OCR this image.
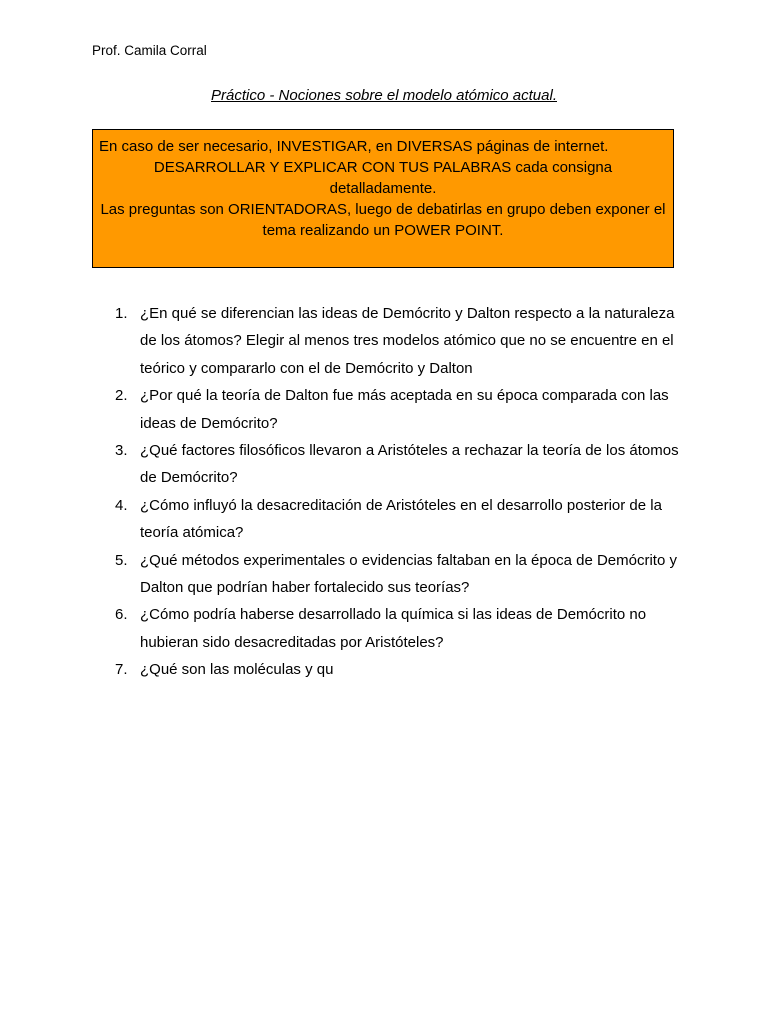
Prof. Camila Corral
Práctico - Nociones sobre el modelo atómico actual.
En caso de ser necesario, INVESTIGAR, en DIVERSAS páginas de internet.
DESARROLLAR Y EXPLICAR CON TUS PALABRAS cada consigna detalladamente.
Las preguntas son ORIENTADORAS, luego de debatirlas en grupo deben exponer el tema realizando un POWER POINT.
1. ¿En qué se diferencian las ideas de Demócrito y Dalton respecto a la naturaleza de los átomos? Elegir al menos tres modelos atómico que no se encuentre en el teórico y compararlo con el de Demócrito y Dalton
2. ¿Por qué la teoría de Dalton fue más aceptada en su época comparada con las ideas de Demócrito?
3. ¿Qué factores filosóficos llevaron a Aristóteles a rechazar la teoría de los átomos de Demócrito?
4. ¿Cómo influyó la desacreditación de Aristóteles en el desarrollo posterior de la teoría atómica?
5. ¿Qué métodos experimentales o evidencias faltaban en la época de Demócrito y Dalton que podrían haber fortalecido sus teorías?
6. ¿Cómo podría haberse desarrollado la química si las ideas de Demócrito no hubieran sido desacreditadas por Aristóteles?
7. ¿Qué son las moléculas y qu
